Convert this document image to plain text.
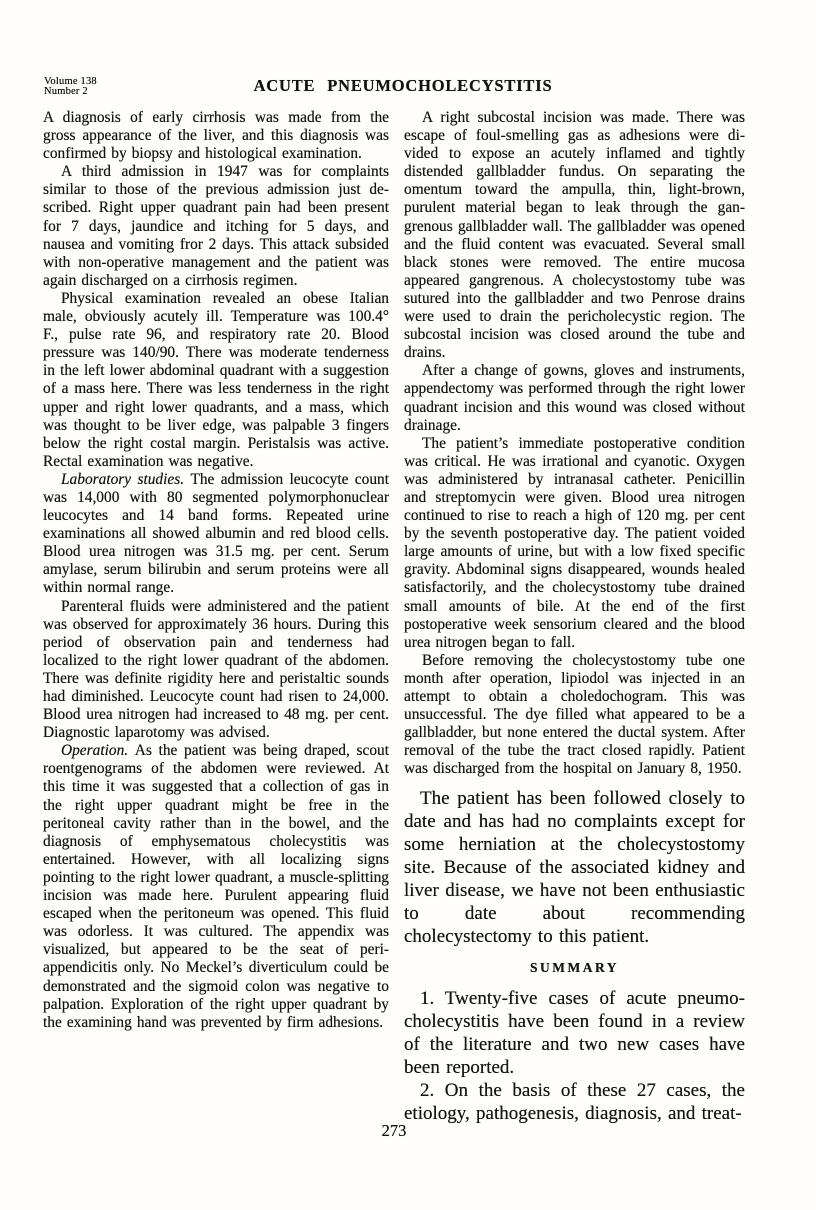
Volume 138
Number 2	ACUTE PNEUMOCHOLECYSTITIS

A diagnosis of early cirrhosis was made from the gross appearance of the liver, and this diagnosis was confirmed by biopsy and histological examination.

A third admission in 1947 was for complaints similar to those of the previous admission just described. Right upper quadrant pain had been present for 7 days, jaundice and itching for 5 days, and nausea and vomiting fror 2 days. This attack subsided with non-operative management and the patient was again discharged on a cirrhosis regimen.

Physical examination revealed an obese Italian male, obviously acutely ill. Temperature was 100.4° F., pulse rate 96, and respiratory rate 20. Blood pressure was 140/90. There was moderate tenderness in the left lower abdominal quadrant with a suggestion of a mass here. There was less tenderness in the right upper and right lower quadrants, and a mass, which was thought to be liver edge, was palpable 3 fingers below the right costal margin. Peristalsis was active. Rectal examination was negative.

Laboratory studies. The admission leucocyte count was 14,000 with 80 segmented polymorphonuclear leucocytes and 14 band forms. Repeated urine examinations all showed albumin and red blood cells. Blood urea nitrogen was 31.5 mg. per cent. Serum amylase, serum bilirubin and serum proteins were all within normal range.

Parenteral fluids were administered and the patient was observed for approximately 36 hours. During this period of observation pain and tenderness had localized to the right lower quadrant of the abdomen. There was definite rigidity here and peristaltic sounds had diminished. Leucocyte count had risen to 24,000. Blood urea nitrogen had increased to 48 mg. per cent. Diagnostic laparotomy was advised.

Operation. As the patient was being draped, scout roentgenograms of the abdomen were reviewed. At this time it was suggested that a collection of gas in the right upper quadrant might be free in the peritoneal cavity rather than in the bowel, and the diagnosis of emphysematous cholecystitis was entertained. However, with all localizing signs pointing to the right lower quadrant, a muscle-splitting incision was made here. Purulent appearing fluid escaped when the peritoneum was opened. This fluid was odorless. It was cultured. The appendix was visualized, but appeared to be the seat of peri-appendicitis only. No Meckel’s diverticulum could be demonstrated and the sigmoid colon was negative to palpation. Exploration of the right upper quadrant by the examining hand was prevented by firm adhesions.

A right subcostal incision was made. There was escape of foul-smelling gas as adhesions were divided to expose an acutely inflamed and tightly distended gallbladder fundus. On separating the omentum toward the ampulla, thin, light-brown, purulent material began to leak through the gangrenous gallbladder wall. The gallbladder was opened and the fluid content was evacuated. Several small black stones were removed. The entire mucosa appeared gangrenous. A cholecystostomy tube was sutured into the gallbladder and two Penrose drains were used to drain the pericholecystic region. The subcostal incision was closed around the tube and drains.

After a change of gowns, gloves and instruments, appendectomy was performed through the right lower quadrant incision and this wound was closed without drainage.

The patient’s immediate postoperative condition was critical. He was irrational and cyanotic. Oxygen was administered by intranasal catheter. Penicillin and streptomycin were given. Blood urea nitrogen continued to rise to reach a high of 120 mg. per cent by the seventh postoperative day. The patient voided large amounts of urine, but with a low fixed specific gravity. Abdominal signs disappeared, wounds healed satisfactorily, and the cholecystostomy tube drained small amounts of bile. At the end of the first postoperative week sensorium cleared and the blood urea nitrogen began to fall.

Before removing the cholecystostomy tube one month after operation, lipiodol was injected in an attempt to obtain a choledochogram. This was unsuccessful. The dye filled what appeared to be a gallbladder, but none entered the ductal system. After removal of the tube the tract closed rapidly. Patient was discharged from the hospital on January 8, 1950.

The patient has been followed closely to date and has had no complaints except for some herniation at the cholecystostomy site. Because of the associated kidney and liver disease, we have not been enthusiastic to date about recommending cholecystectomy to this patient.

SUMMARY

1. Twenty-five cases of acute pneumocholecystitis have been found in a review of the literature and two new cases have been reported.

2. On the basis of these 27 cases, the etiology, pathogenesis, diagnosis, and treat-

273
